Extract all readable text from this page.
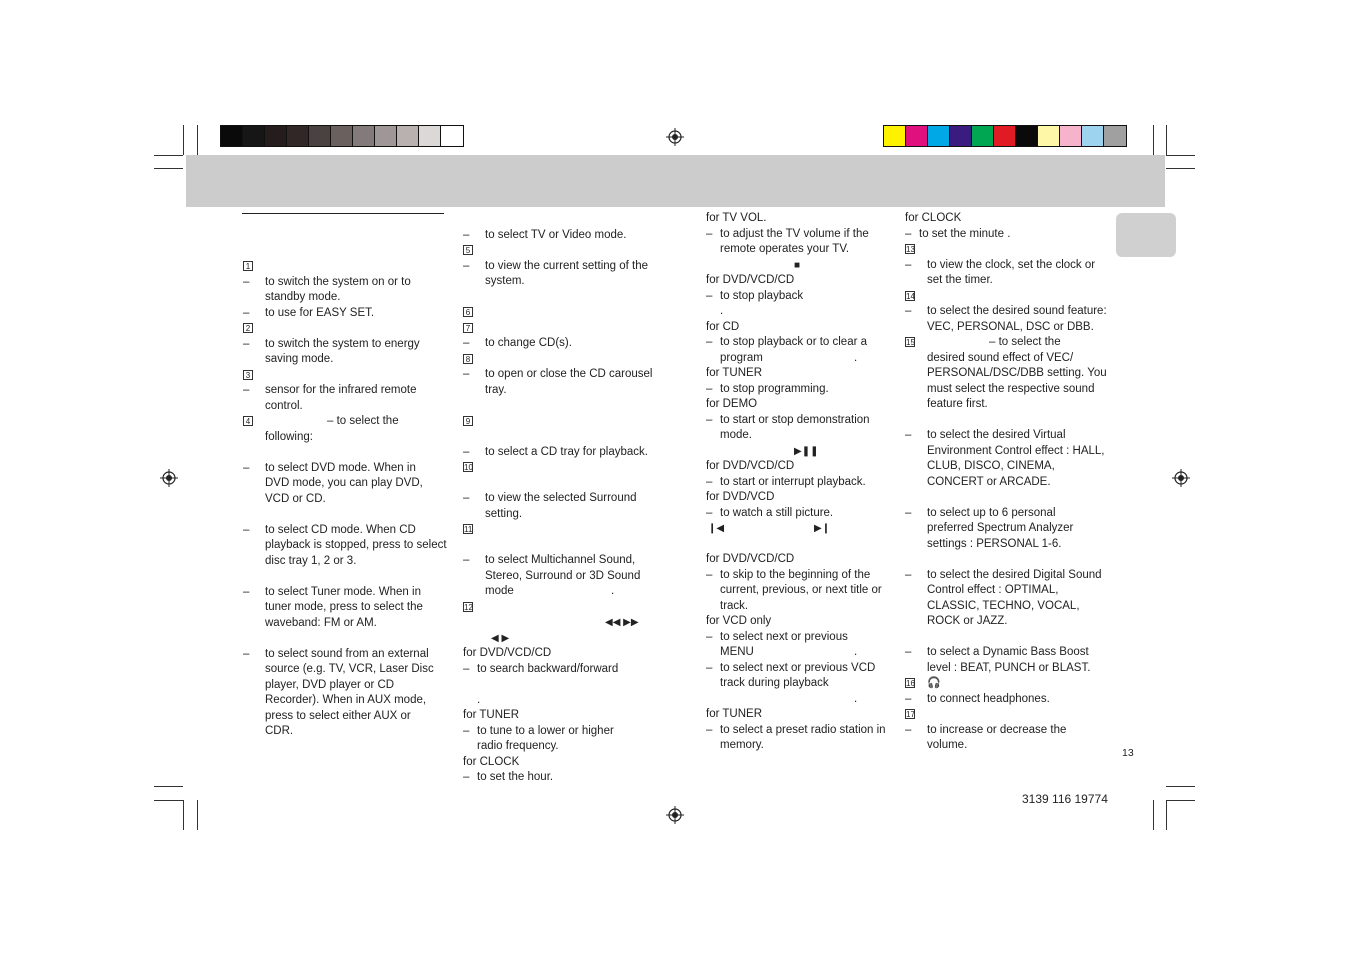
1
– to switch the system on or to
standby mode.
– to use for EASY SET.
2
– to switch the system to energy
saving mode.
3
– sensor for the infrared remote
control.
4	– to select the
following:
– to select DVD mode. When in
DVD mode, you can play DVD,
VCD or CD.
– to select CD mode. When CD
playback is stopped, press to select
disc tray 1, 2 or 3.
– to select Tuner mode. When in
tuner mode, press to select the
waveband: FM or AM.
– to select sound from an external
source (e.g. TV, VCR, Laser Disc
player, DVD player or CD
Recorder). When in AUX mode,
press to select either AUX or
CDR.
– to select TV or Video mode.
5
– to view the current setting of the
system.
6
7
– to change CD(s).
8
– to open or close the CD carousel
tray.
9
– to select a CD tray for playback.
10
– to view the selected Surround
setting.
11
– to select Multichannel Sound,
Stereo, Surround or 3D Sound
mode	.
12
◀◀ ▶▶
◀ ▶
for DVD/VCD/CD
– to search backward/forward
.
for TUNER
– to tune to a lower or higher
radio frequency.
for CLOCK
– to set the hour.
for TV VOL.
– to adjust the TV volume if the
remote operates your TV.
■
for DVD/VCD/CD
– to stop playback
.
for CD
– to stop playback or to clear a
program	.
for TUNER
– to stop programming.
for DEMO
– to start or stop demonstration
mode.
▶❚❚
for DVD/VCD/CD
– to start or interrupt playback.
for DVD/VCD
– to watch a still picture.
❙◀	▶❙
for DVD/VCD/CD
– to skip to the beginning of the
current, previous, or next title or
track.
for VCD only
– to select next or previous
MENU	.
– to select next or previous VCD
track during playback
.
for TUNER
– to select a preset radio station in
memory.
for CLOCK
– to set the minute .
13
– to view the clock, set the clock or
set the timer.
14
– to select the desired sound feature:
VEC, PERSONAL, DSC or DBB.
15	– to select the
desired sound effect of VEC/
PERSONAL/DSC/DBB setting. You
must select the respective sound
feature first.
– to select the desired Virtual
Environment Control effect : HALL,
CLUB, DISCO, CINEMA,
CONCERT or ARCADE.
– to select up to 6 personal
preferred Spectrum Analyzer
settings : PERSONAL 1-6.
– to select the desired Digital Sound
Control effect : OPTIMAL,
CLASSIC, TECHNO, VOCAL,
ROCK or JAZZ.
– to select a Dynamic Bass Boost
level : BEAT, PUNCH or BLAST.
16 🎧
– to connect headphones.
17
– to increase or decrease the
volume.
13
3139 116 19774
